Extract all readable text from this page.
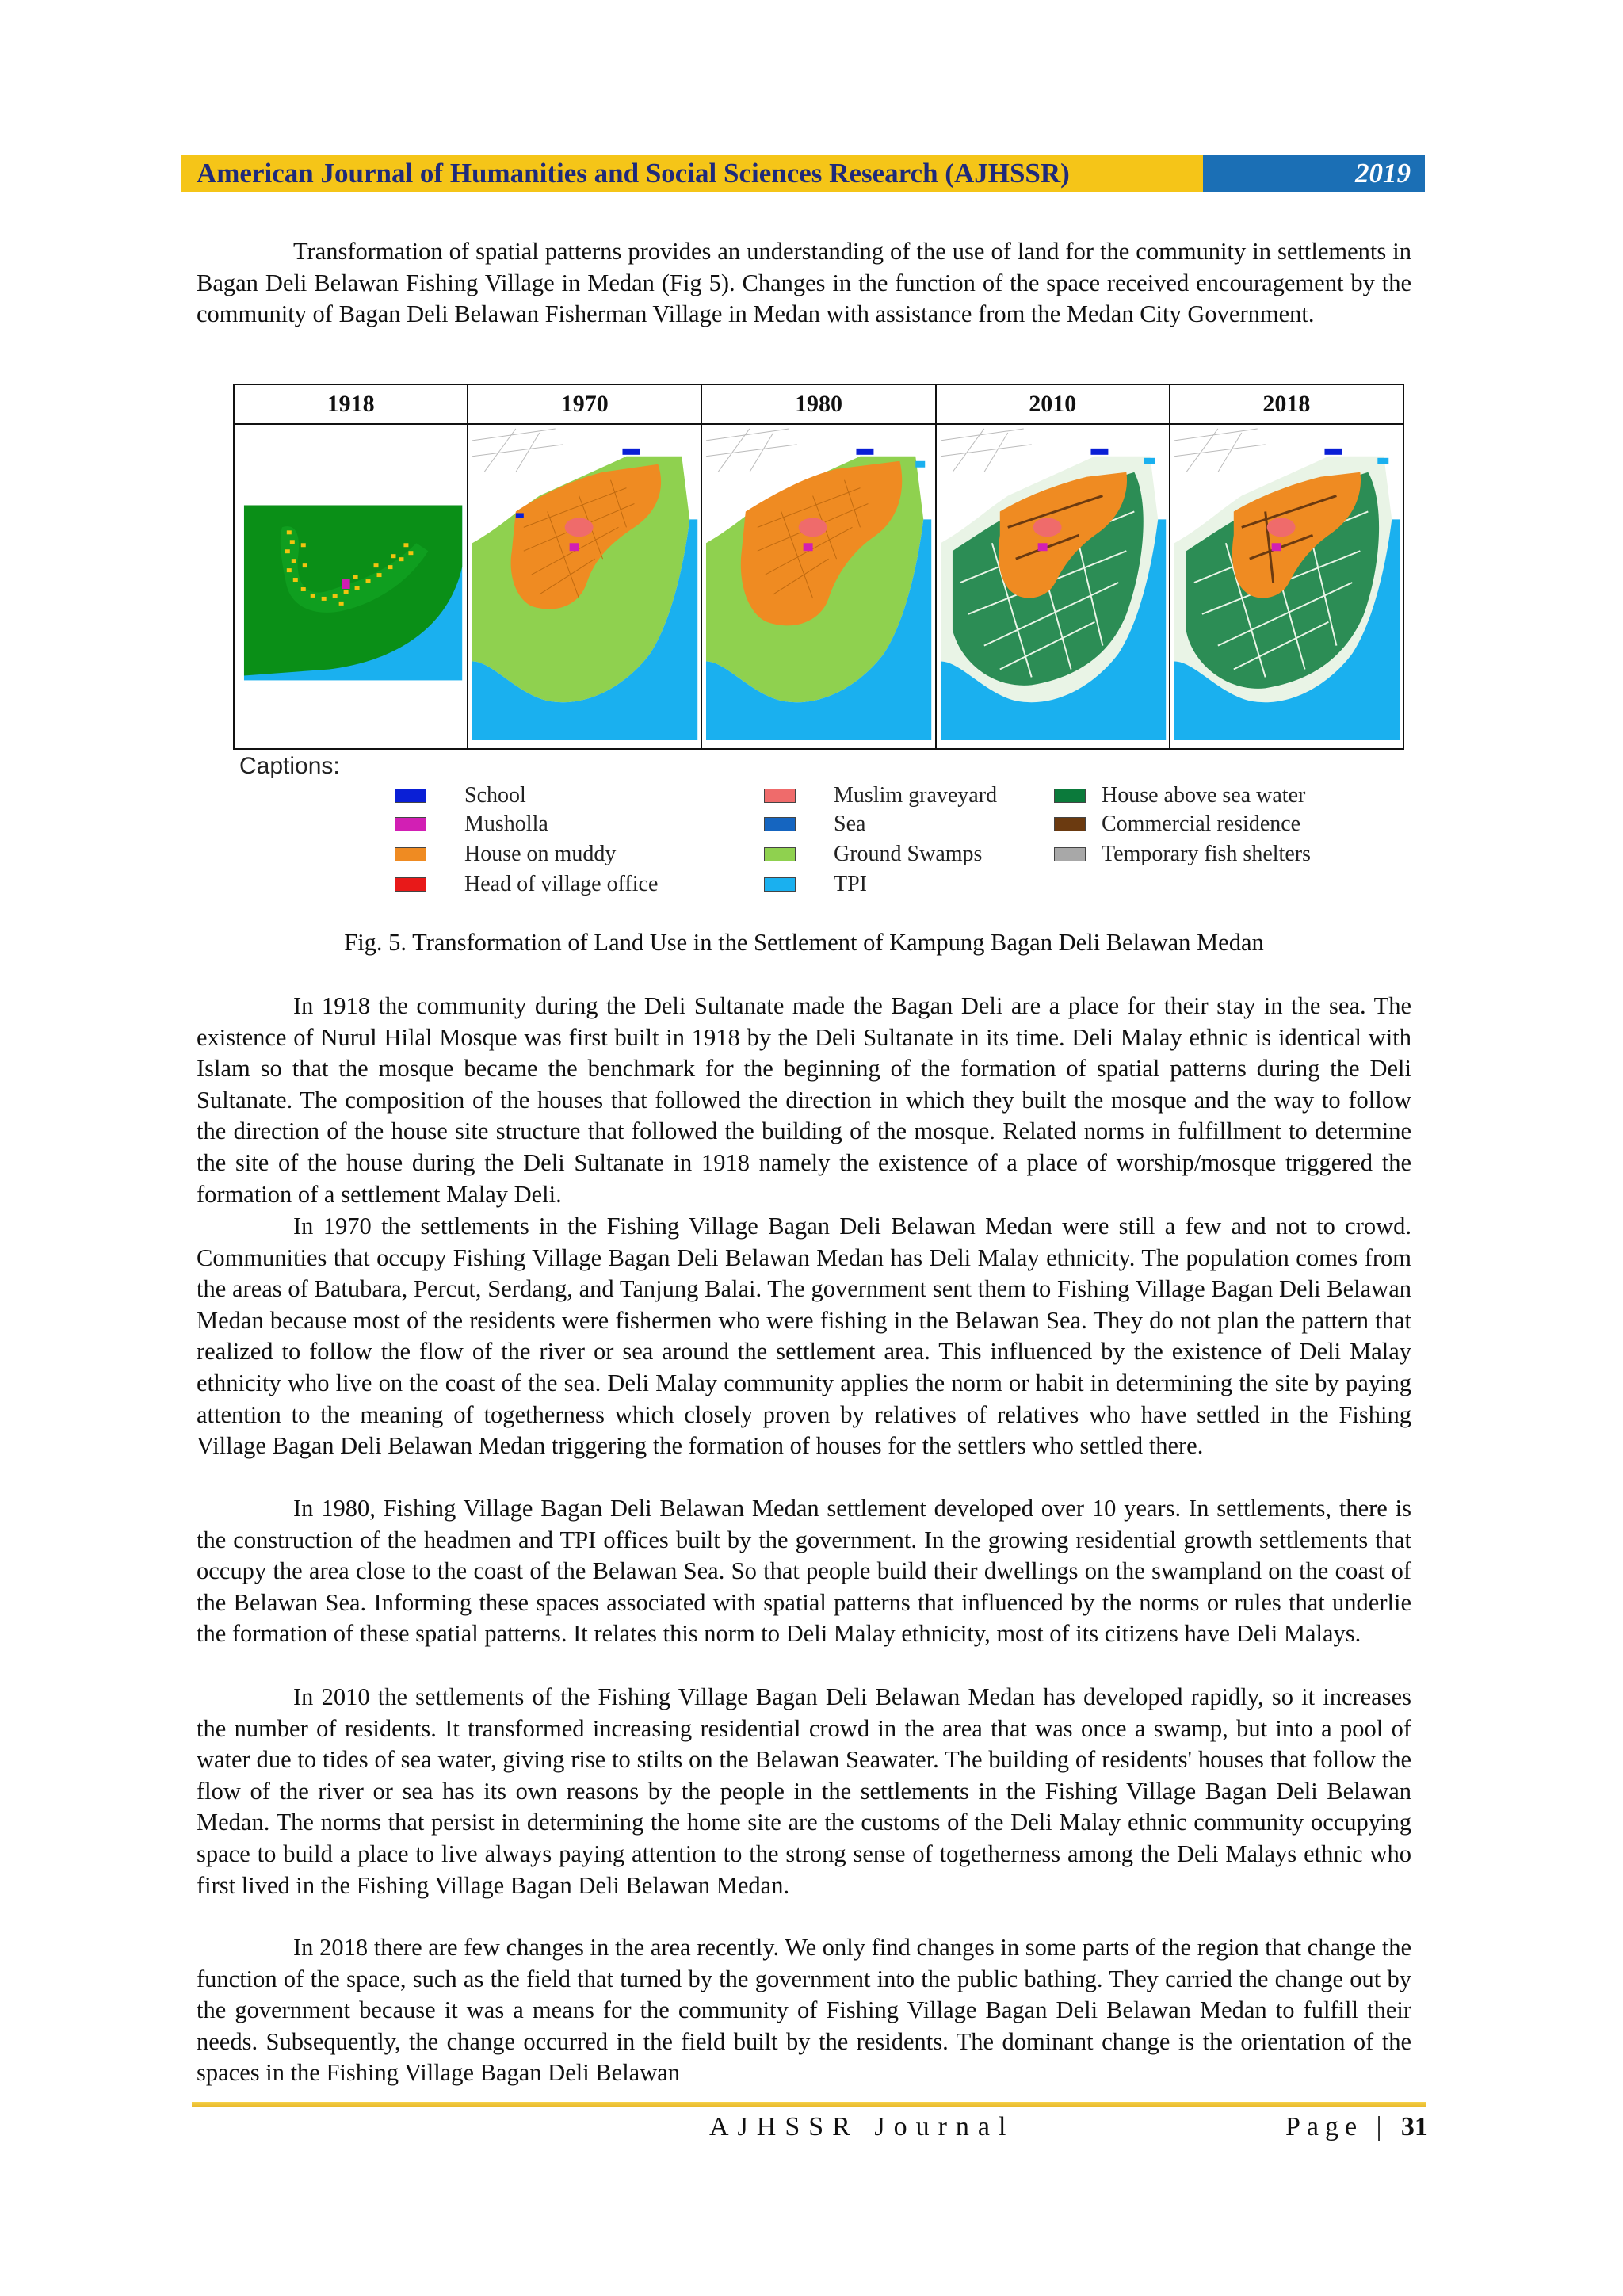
American Journal of Humanities and Social Sciences Research (AJHSSR)	2019

Transformation of spatial patterns provides an understanding of the use of land for the community in settlements in Bagan Deli Belawan Fishing Village in Medan (Fig 5). Changes in the function of the space received encouragement by the community of Bagan Deli Belawan Fisherman Village in Medan with assistance from the Medan City Government.

1918	1970	1980	2010	2018
Captions:
School
Musholla
House on muddy
Head of village office
Muslim graveyard
Sea
Ground Swamps
TPI
House above sea water
Commercial residence
Temporary fish shelters
Fig. 5. Transformation of Land Use in the Settlement of Kampung Bagan Deli Belawan Medan

In 1918 the community during the Deli Sultanate made the Bagan Deli are a place for their stay in the sea. The existence of Nurul Hilal Mosque was first built in 1918 by the Deli Sultanate in its time. Deli Malay ethnic is identical with Islam so that the mosque became the benchmark for the beginning of the formation of spatial patterns during the Deli Sultanate. The composition of the houses that followed the direction in which they built the mosque and the way to follow the direction of the house site structure that followed the building of the mosque. Related norms in fulfillment to determine the site of the house during the Deli Sultanate in 1918 namely the existence of a place of worship/mosque triggered the formation of a settlement Malay Deli.

In 1970 the settlements in the Fishing Village Bagan Deli Belawan Medan were still a few and not to crowd. Communities that occupy Fishing Village Bagan Deli Belawan Medan has Deli Malay ethnicity. The population comes from the areas of Batubara, Percut, Serdang, and Tanjung Balai. The government sent them to Fishing Village Bagan Deli Belawan Medan because most of the residents were fishermen who were fishing in the Belawan Sea. They do not plan the pattern that realized to follow the flow of the river or sea around the settlement area. This influenced by the existence of Deli Malay ethnicity who live on the coast of the sea. Deli Malay community applies the norm or habit in determining the site by paying attention to the meaning of togetherness which closely proven by relatives of relatives who have settled in the Fishing Village Bagan Deli Belawan Medan triggering the formation of houses for the settlers who settled there.

In 1980, Fishing Village Bagan Deli Belawan Medan settlement developed over 10 years. In settlements, there is the construction of the headmen and TPI offices built by the government. In the growing residential growth settlements that occupy the area close to the coast of the Belawan Sea. So that people build their dwellings on the swampland on the coast of the Belawan Sea. Informing these spaces associated with spatial patterns that influenced by the norms or rules that underlie the formation of these spatial patterns. It relates this norm to Deli Malay ethnicity, most of its citizens have Deli Malays.

In 2010 the settlements of the Fishing Village Bagan Deli Belawan Medan has developed rapidly, so it increases the number of residents. It transformed increasing residential crowd in the area that was once a swamp, but into a pool of water due to tides of sea water, giving rise to stilts on the Belawan Seawater. The building of residents' houses that follow the flow of the river or sea has its own reasons by the people in the settlements in the Fishing Village Bagan Deli Belawan Medan. The norms that persist in determining the home site are the customs of the Deli Malay ethnic community occupying space to build a place to live always paying attention to the strong sense of togetherness among the Deli Malays ethnic who first lived in the Fishing Village Bagan Deli Belawan Medan.

In 2018 there are few changes in the area recently. We only find changes in some parts of the region that change the function of the space, such as the field that turned by the government into the public bathing. They carried the change out by the government because it was a means for the community of Fishing Village Bagan Deli Belawan Medan to fulfill their needs. Subsequently, the change occurred in the field built by the residents. The dominant change is the orientation of the spaces in the Fishing Village Bagan Deli Belawan

AJHSSR Journal	Page | 31
